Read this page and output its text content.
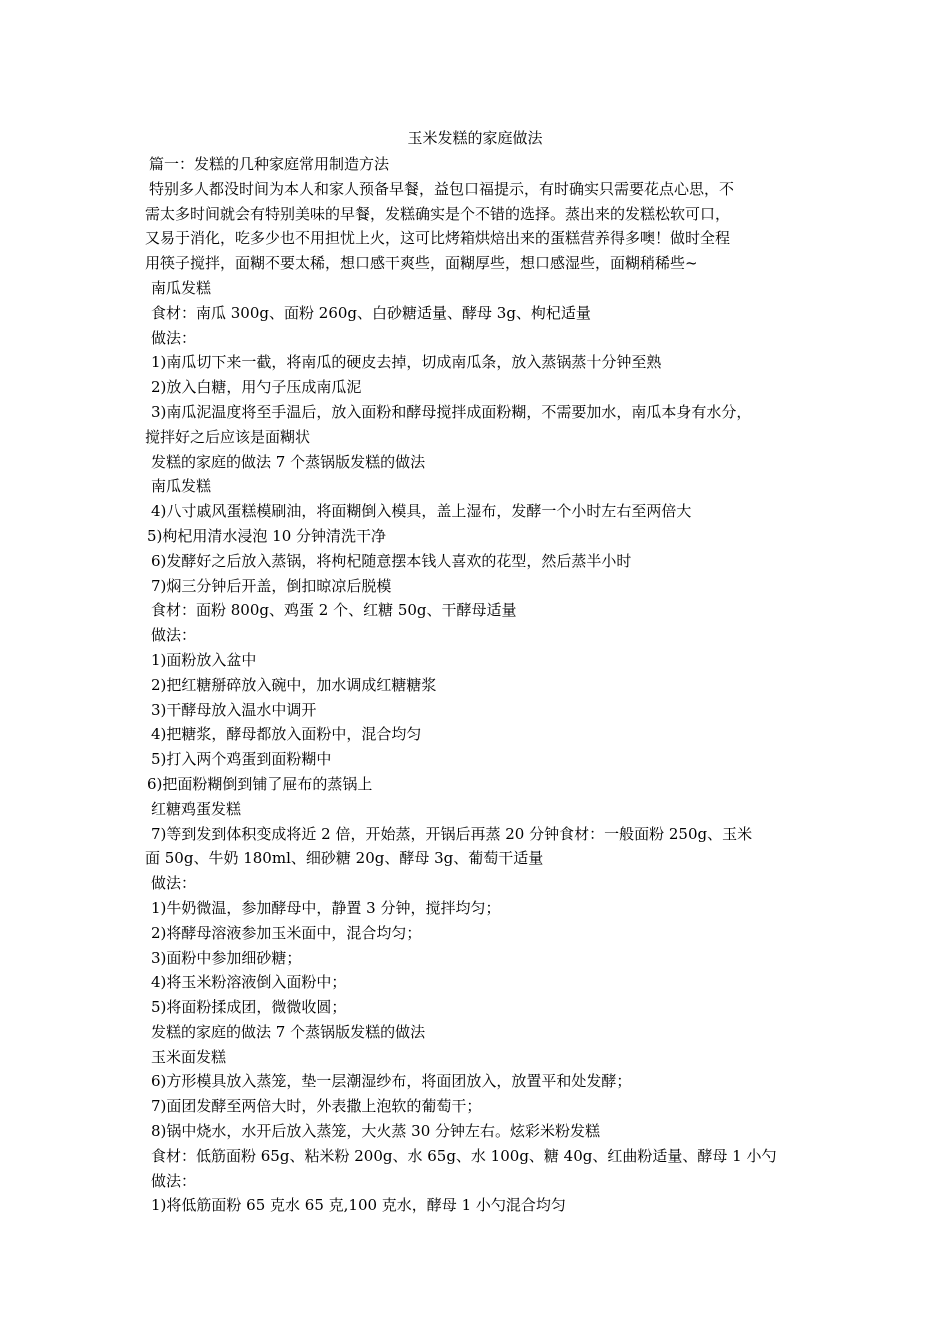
玉米发糕的家庭做法

篇一：发糕的几种家庭常用制造方法

特别多人都没时间为本人和家人预备早餐，益包口福提示，有时确实只需要花点心思，不

需太多时间就会有特别美味的早餐，发糕确实是个不错的选择。蒸出来的发糕松软可口，

又易于消化，吃多少也不用担忧上火，这可比烤箱烘焙出来的蛋糕营养得多噢！做时全程

用筷子搅拌，面糊不要太稀，想口感干爽些，面糊厚些，想口感湿些，面糊稍稀些~

南瓜发糕

食材：南瓜 300g、面粉 260g、白砂糖适量、酵母 3g、枸杞适量

做法：

1)南瓜切下来一截，将南瓜的硬皮去掉，切成南瓜条，放入蒸锅蒸十分钟至熟

2)放入白糖，用勺子压成南瓜泥

3)南瓜泥温度将至手温后，放入面粉和酵母搅拌成面粉糊，不需要加水，南瓜本身有水分，

搅拌好之后应该是面糊状

发糕的家庭的做法 7 个蒸锅版发糕的做法

南瓜发糕

4)八寸戚风蛋糕模刷油，将面糊倒入模具，盖上湿布，发酵一个小时左右至两倍大

5)枸杞用清水浸泡 10 分钟清洗干净

6)发酵好之后放入蒸锅，将枸杞随意摆本钱人喜欢的花型，然后蒸半小时

7)焖三分钟后开盖，倒扣晾凉后脱模

食材：面粉 800g、鸡蛋 2 个、红糖 50g、干酵母适量

做法：

1)面粉放入盆中

2)把红糖掰碎放入碗中，加水调成红糖糖浆

3)干酵母放入温水中调开

4)把糖浆，酵母都放入面粉中，混合均匀

5)打入两个鸡蛋到面粉糊中

6)把面粉糊倒到铺了屉布的蒸锅上

红糖鸡蛋发糕

7)等到发到体积变成将近 2 倍，开始蒸，开锅后再蒸 20 分钟食材：一般面粉 250g、玉米

面 50g、牛奶 180ml、细砂糖 20g、酵母 3g、葡萄干适量

做法：

1)牛奶微温，参加酵母中，静置 3 分钟，搅拌均匀；

2)将酵母溶液参加玉米面中，混合均匀；

3)面粉中参加细砂糖；

4)将玉米粉溶液倒入面粉中；

5)将面粉揉成团，微微收圆；

发糕的家庭的做法 7 个蒸锅版发糕的做法

玉米面发糕

6)方形模具放入蒸笼，垫一层潮湿纱布，将面团放入，放置平和处发酵；

7)面团发酵至两倍大时，外表撒上泡软的葡萄干；

8)锅中烧水，水开后放入蒸笼，大火蒸 30 分钟左右。炫彩米粉发糕

食材：低筋面粉 65g、粘米粉 200g、水 65g、水 100g、糖 40g、红曲粉适量、酵母 1 小勺

做法：

1)将低筋面粉 65 克水 65 克,100 克水，酵母 1 小勺混合均匀
